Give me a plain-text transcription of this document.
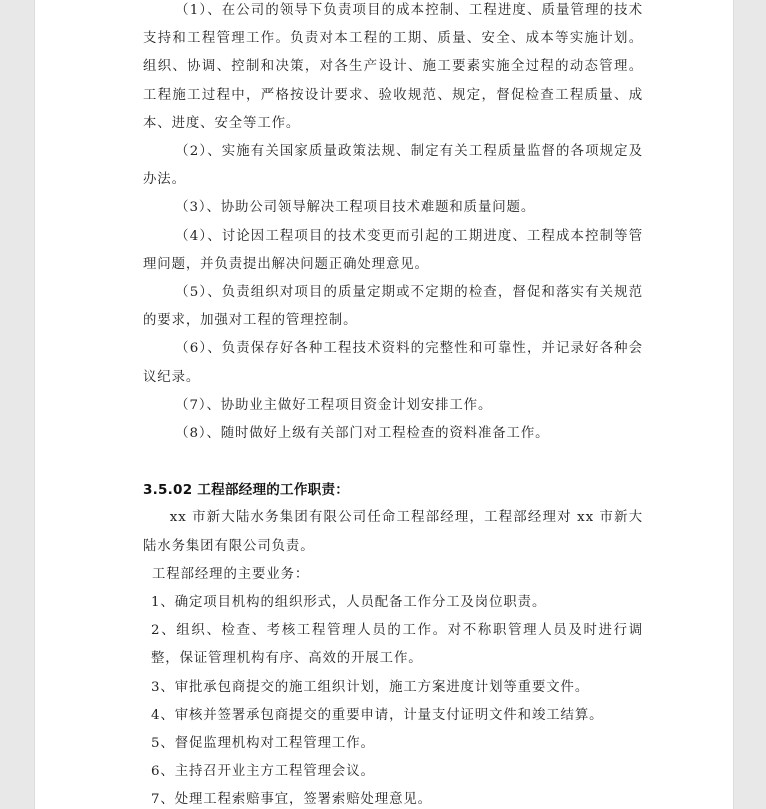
（1）、在公司的领导下负责项目的成本控制、工程进度、质量管理的技术支持和工程管理工作。负责对本工程的工期、质量、安全、成本等实施计划。组织、协调、控制和决策，对各生产设计、施工要素实施全过程的动态管理。工程施工过程中，严格按设计要求、验收规范、规定，督促检查工程质量、成本、进度、安全等工作。

（2）、实施有关国家质量政策法规、制定有关工程质量监督的各项规定及办法。

（3）、协助公司领导解决工程项目技术难题和质量问题。

（4）、讨论因工程项目的技术变更而引起的工期进度、工程成本控制等管理问题，并负责提出解决问题正确处理意见。

（5）、负责组织对项目的质量定期或不定期的检查，督促和落实有关规范的要求，加强对工程的管理控制。

（6）、负责保存好各种工程技术资料的完整性和可靠性，并记录好各种会议纪录。

（7）、协助业主做好工程项目资金计划安排工作。

（8）、随时做好上级有关部门对工程检查的资料准备工作。

3.5.02 工程部经理的工作职责：

xx 市新大陆水务集团有限公司任命工程部经理，工程部经理对 xx 市新大陆水务集团有限公司负责。

工程部经理的主要业务：

1、确定项目机构的组织形式，人员配备工作分工及岗位职责。

2、组织、检查、考核工程管理人员的工作。对不称职管理人员及时进行调整，保证管理机构有序、高效的开展工作。

3、审批承包商提交的施工组织计划，施工方案进度计划等重要文件。

4、审核并签署承包商提交的重要申请，计量支付证明文件和竣工结算。

5、督促监理机构对工程管理工作。

6、主持召开业主方工程管理会议。

7、处理工程索赔事宜，签署索赔处理意见。
